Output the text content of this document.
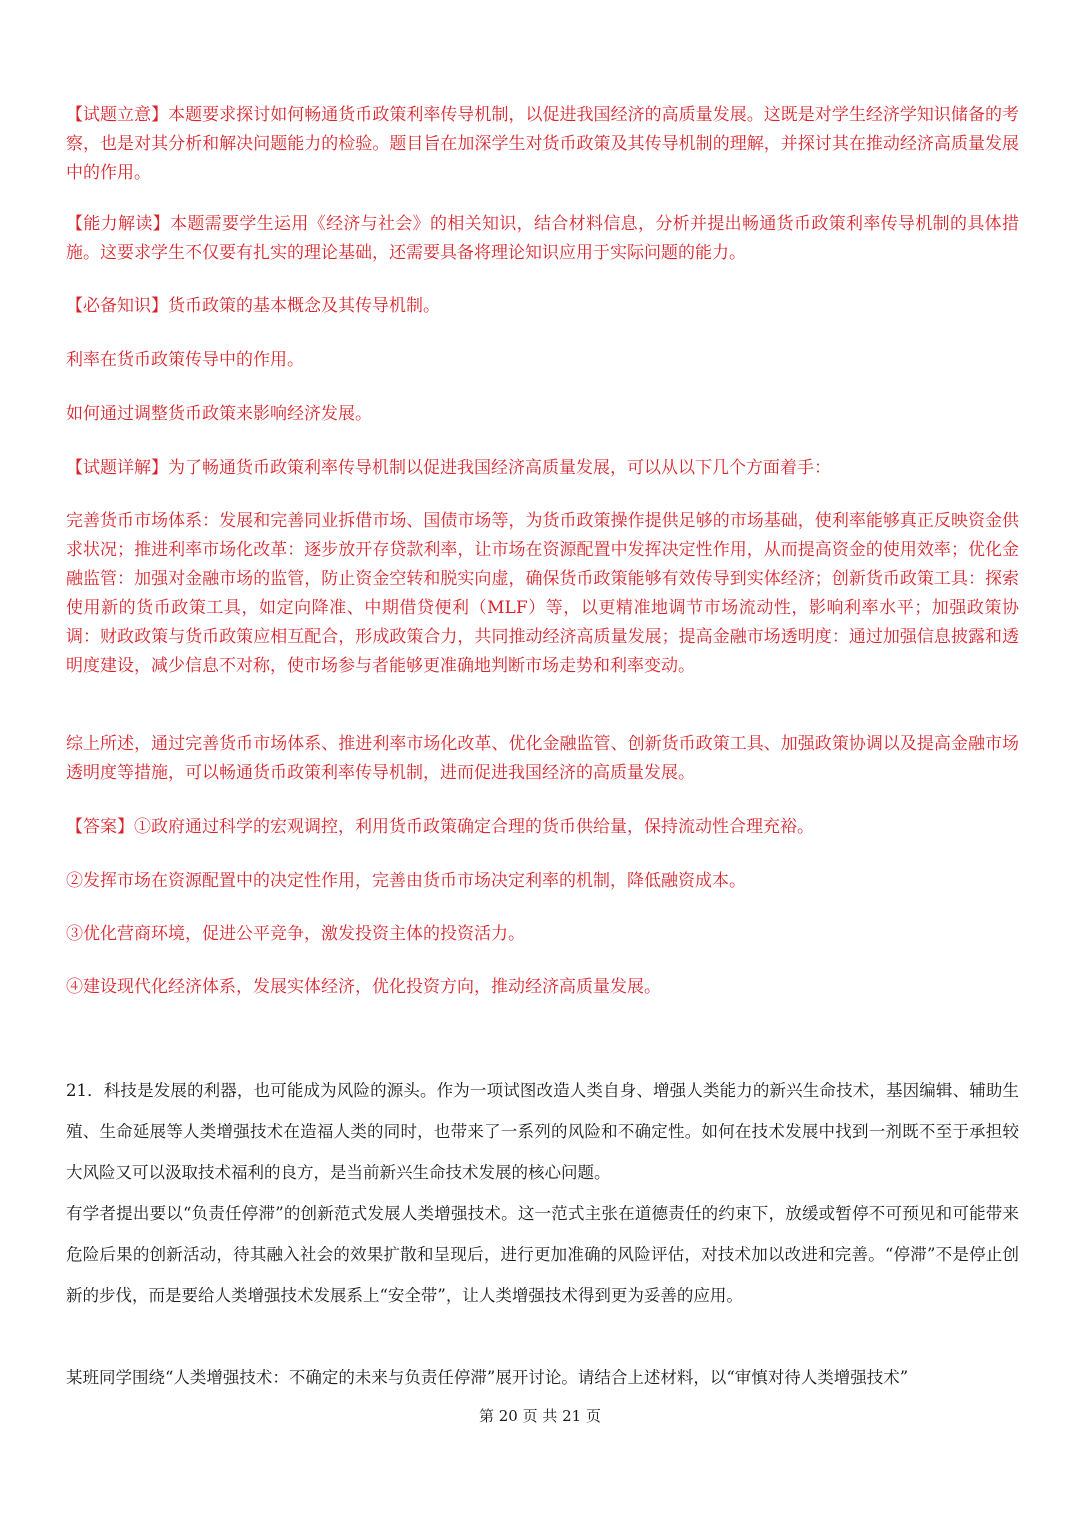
【试题立意】本题要求探讨如何畅通货币政策利率传导机制，以促进我国经济的高质量发展。这既是对学生经济学知识储备的考察，也是对其分析和解决问题能力的检验。题目旨在加深学生对货币政策及其传导机制的理解，并探讨其在推动经济高质量发展中的作用。

【能力解读】本题需要学生运用《经济与社会》的相关知识，结合材料信息，分析并提出畅通货币政策利率传导机制的具体措施。这要求学生不仅要有扎实的理论基础，还需要具备将理论知识应用于实际问题的能力。

【必备知识】货币政策的基本概念及其传导机制。

利率在货币政策传导中的作用。

如何通过调整货币政策来影响经济发展。

【试题详解】为了畅通货币政策利率传导机制以促进我国经济高质量发展，可以从以下几个方面着手：

完善货币市场体系：发展和完善同业拆借市场、国债市场等，为货币政策操作提供足够的市场基础，使利率能够真正反映资金供求状况；推进利率市场化改革：逐步放开存贷款利率，让市场在资源配置中发挥决定性作用，从而提高资金的使用效率；优化金融监管：加强对金融市场的监管，防止资金空转和脱实向虚，确保货币政策能够有效传导到实体经济；创新货币政策工具：探索使用新的货币政策工具，如定向降准、中期借贷便利（MLF）等，以更精准地调节市场流动性，影响利率水平；加强政策协调：财政政策与货币政策应相互配合，形成政策合力，共同推动经济高质量发展；提高金融市场透明度：通过加强信息披露和透明度建设，减少信息不对称，使市场参与者能够更准确地判断市场走势和利率变动。

综上所述，通过完善货币市场体系、推进利率市场化改革、优化金融监管、创新货币政策工具、加强政策协调以及提高金融市场透明度等措施，可以畅通货币政策利率传导机制，进而促进我国经济的高质量发展。

【答案】①政府通过科学的宏观调控，利用货币政策确定合理的货币供给量，保持流动性合理充裕。

②发挥市场在资源配置中的决定性作用，完善由货币市场决定利率的机制，降低融资成本。

③优化营商环境，促进公平竞争，激发投资主体的投资活力。

④建设现代化经济体系，发展实体经济，优化投资方向，推动经济高质量发展。

21．科技是发展的利器，也可能成为风险的源头。作为一项试图改造人类自身、增强人类能力的新兴生命技术，基因编辑、辅助生殖、生命延展等人类增强技术在造福人类的同时，也带来了一系列的风险和不确定性。如何在技术发展中找到一剂既不至于承担较大风险又可以汲取技术福利的良方，是当前新兴生命技术发展的核心问题。

有学者提出要以“负责任停滞”的创新范式发展人类增强技术。这一范式主张在道德责任的约束下，放缓或暂停不可预见和可能带来危险后果的创新活动，待其融入社会的效果扩散和呈现后，进行更加准确的风险评估，对技术加以改进和完善。“停滞”不是停止创新的步伐，而是要给人类增强技术发展系上“安全带”，让人类增强技术得到更为妥善的应用。

某班同学围绕“人类增强技术：不确定的未来与负责任停滞”展开讨论。请结合上述材料，以“审慎对待人类增强技术”

第 20 页 共 21 页
